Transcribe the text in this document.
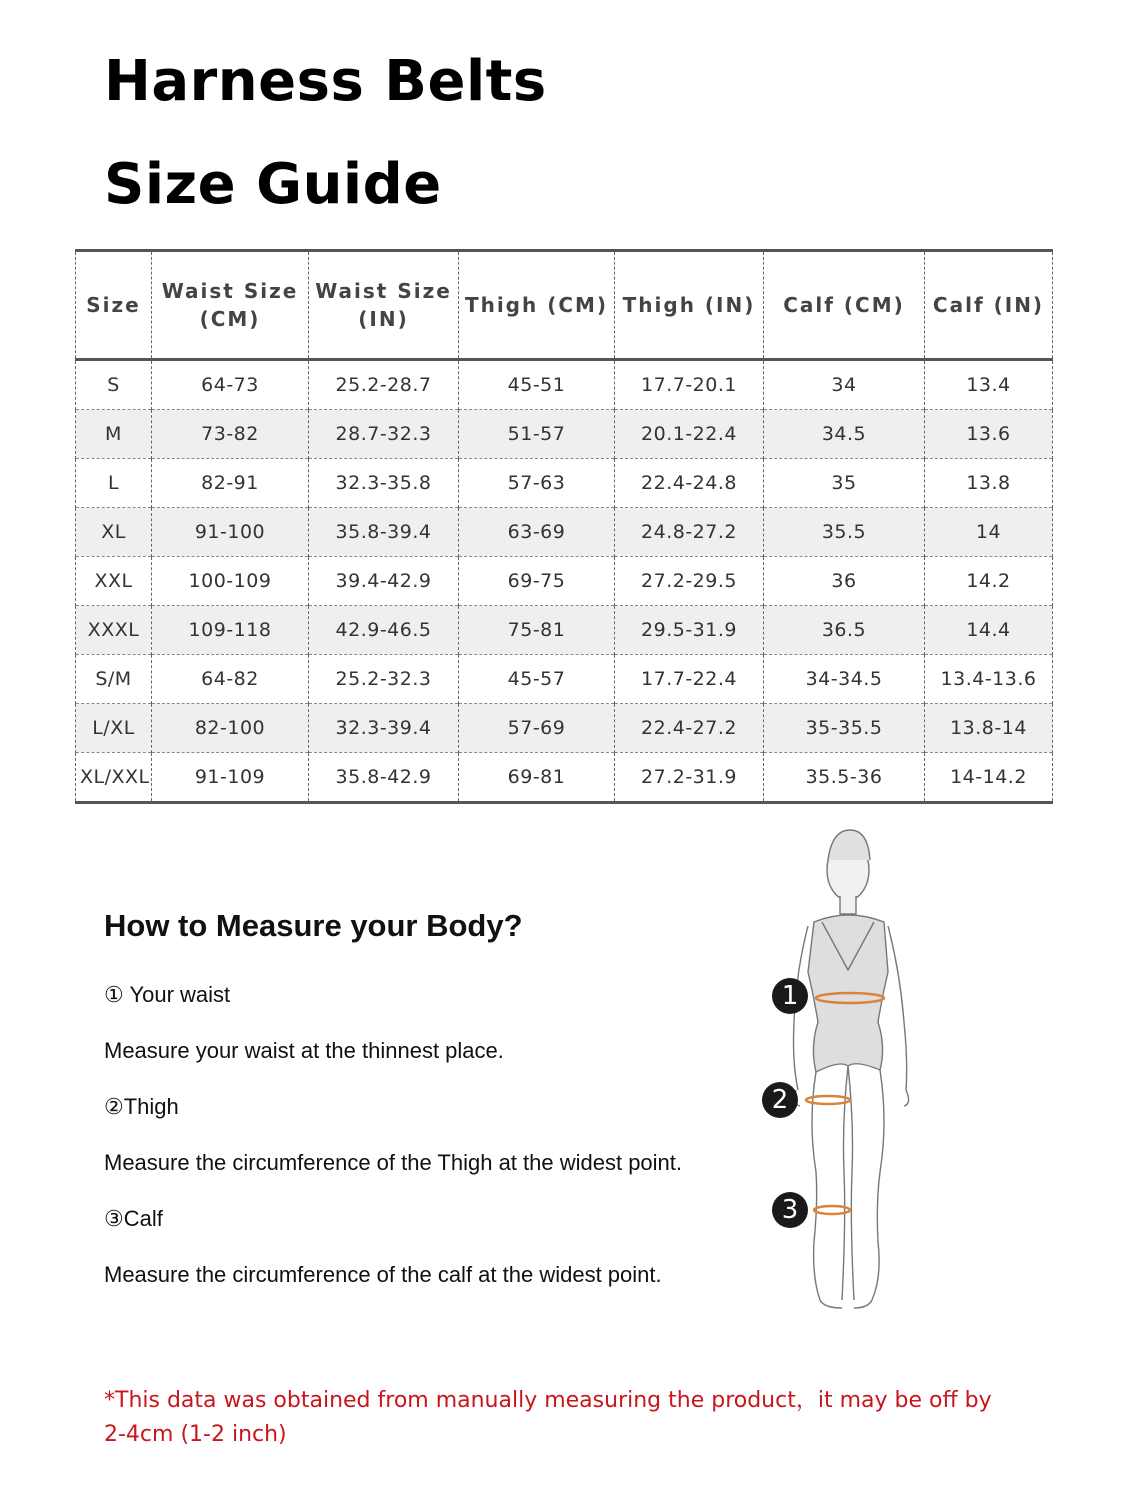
Harness Belts
Size Guide
Size	Waist Size (CM)	Waist Size (IN)	Thigh (CM)	Thigh (IN)	Calf (CM)	Calf (IN)
S	64-73	25.2-28.7	45-51	17.7-20.1	34	13.4
M	73-82	28.7-32.3	51-57	20.1-22.4	34.5	13.6
L	82-91	32.3-35.8	57-63	22.4-24.8	35	13.8
XL	91-100	35.8-39.4	63-69	24.8-27.2	35.5	14
XXL	100-109	39.4-42.9	69-75	27.2-29.5	36	14.2
XXXL	109-118	42.9-46.5	75-81	29.5-31.9	36.5	14.4
S/M	64-82	25.2-32.3	45-57	17.7-22.4	34-34.5	13.4-13.6
L/XL	82-100	32.3-39.4	57-69	22.4-27.2	35-35.5	13.8-14
XL/XXL	91-109	35.8-42.9	69-81	27.2-31.9	35.5-36	14-14.2
How to Measure your Body?

① Your waist

Measure your waist at the thinnest place.

②Thigh

Measure the circumference of the Thigh at the widest point.

③Calf

Measure the circumference of the calf at the widest point.

1
2
3

*This data was obtained from manually measuring the product，it may be off by

2-4cm (1-2 inch)
